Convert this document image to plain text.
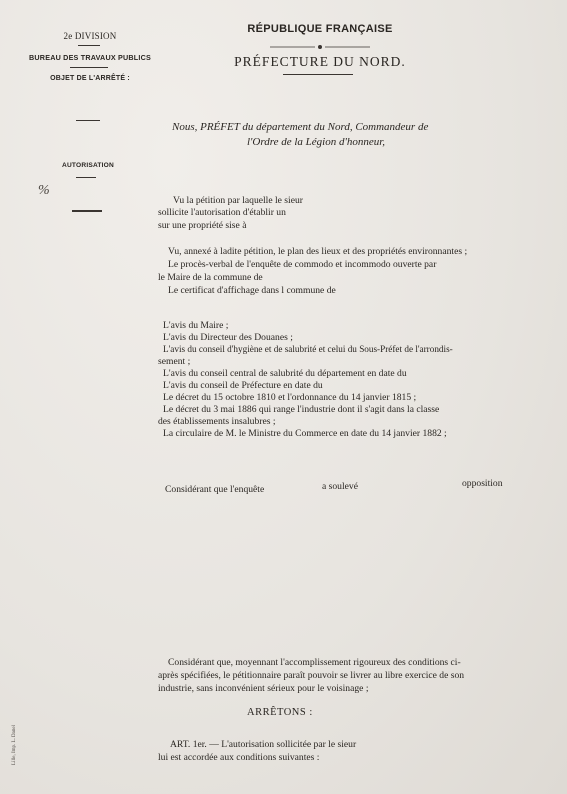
2e DIVISION
BUREAU DES TRAVAUX PUBLICS
OBJET DE L'ARRÊTÉ :
AUTORISATION
%
RÉPUBLIQUE FRANÇAISE
PRÉFECTURE DU NORD.
Nous, PRÉFET du département du Nord, Commandeur de
l'Ordre de la Légion d'honneur,
Vu la pétition par laquelle le sieur
sollicite l'autorisation d'établir un
sur une propriété sise à
Vu, annexé à ladite pétition, le plan des lieux et des propriétés environnantes ;
Le procès-verbal de l'enquête de commodo et incommodo ouverte par
le Maire de la commune de
Le certificat d'affichage dans l commune de
L'avis du Maire ;
L'avis du Directeur des Douanes ;
L'avis du conseil d'hygiène et de salubrité et celui du Sous-Préfet de l'arrondis-
sement ;
L'avis du conseil central de salubrité du département en date du
L'avis du conseil de Préfecture en date du
Le décret du 15 octobre 1810 et l'ordonnance du 14 janvier 1815 ;
Le décret du 3 mai 1886 qui range l'industrie dont il s'agit dans la classe
des établissements insalubres ;
La circulaire de M. le Ministre du Commerce en date du 14 janvier 1882 ;
Considérant que l'enquête	a soulevé	opposition
Considérant que, moyennant l'accomplissement rigoureux des conditions ci-
après spécifiées, le pétitionnaire paraît pouvoir se livrer au libre exercice de son
industrie, sans inconvénient sérieux pour le voisinage ;
ARRÊTONS :
ART. 1er. — L'autorisation sollicitée par le sieur
lui est accordée aux conditions suivantes :
Lille, Imp. L. Danel
